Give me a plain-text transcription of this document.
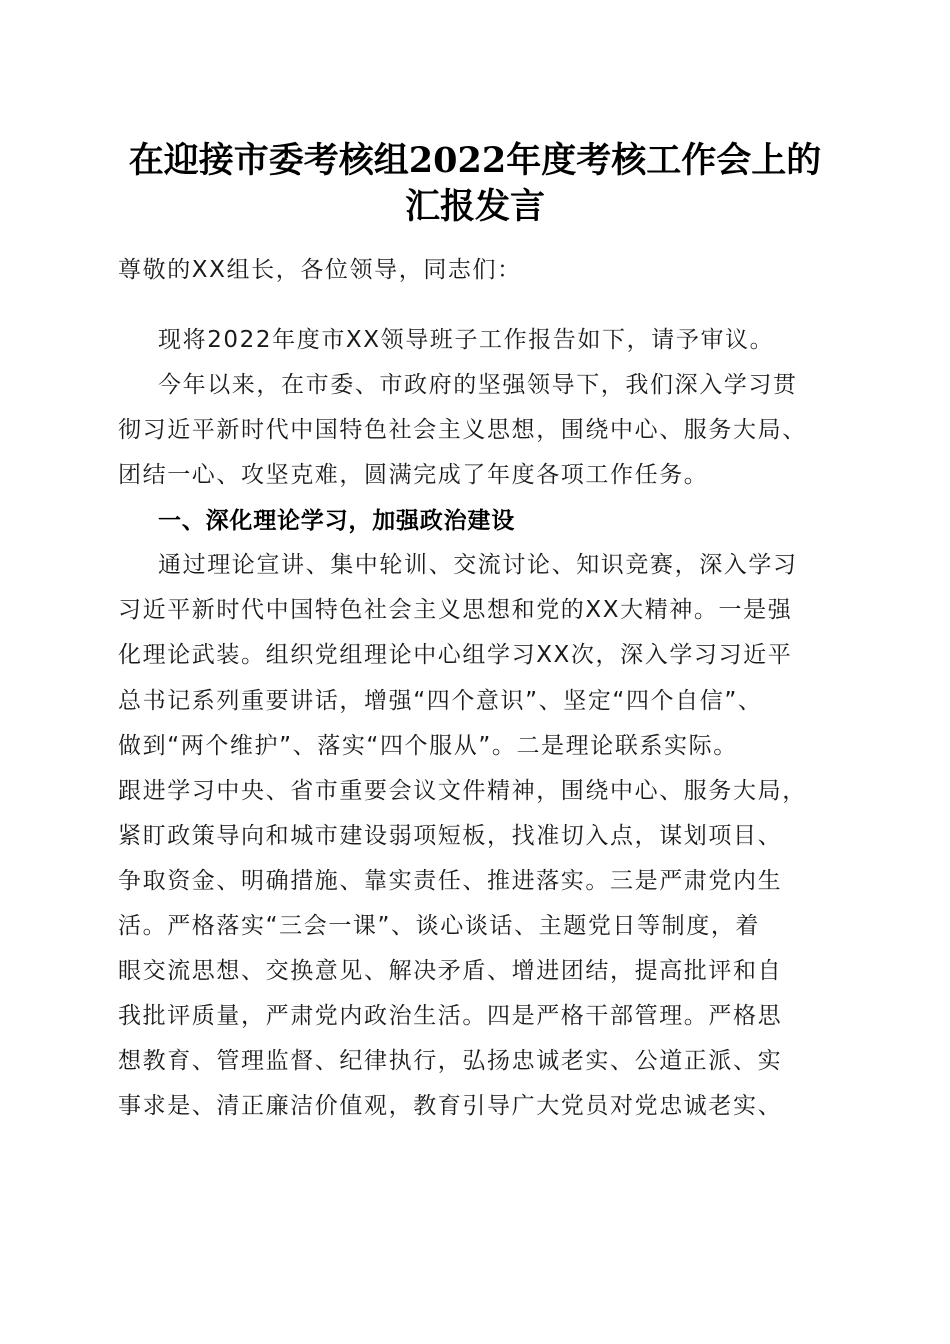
在迎接市委考核组2022年度考核工作会上的
汇报发言
尊敬的XX组长，各位领导，同志们：
现将2022年度市XX领导班子工作报告如下，请予审议。
今年以来，在市委、市政府的坚强领导下，我们深入学习贯
彻习近平新时代中国特色社会主义思想，围绕中心、服务大局、
团结一心、攻坚克难，圆满完成了年度各项工作任务。
一、深化理论学习，加强政治建设
通过理论宣讲、集中轮训、交流讨论、知识竞赛，深入学习
习近平新时代中国特色社会主义思想和党的XX大精神。一是强
化理论武装。组织党组理论中心组学习XX次，深入学习习近平
总书记系列重要讲话，增强“四个意识”、坚定“四个自信”、
做到“两个维护”、落实“四个服从”。二是理论联系实际。
跟进学习中央、省市重要会议文件精神，围绕中心、服务大局，
紧盯政策导向和城市建设弱项短板，找准切入点，谋划项目、
争取资金、明确措施、靠实责任、推进落实。三是严肃党内生
活。严格落实“三会一课”、谈心谈话、主题党日等制度，着
眼交流思想、交换意见、解决矛盾、增进团结，提高批评和自
我批评质量，严肃党内政治生活。四是严格干部管理。严格思
想教育、管理监督、纪律执行，弘扬忠诚老实、公道正派、实
事求是、清正廉洁价值观，教育引导广大党员对党忠诚老实、
